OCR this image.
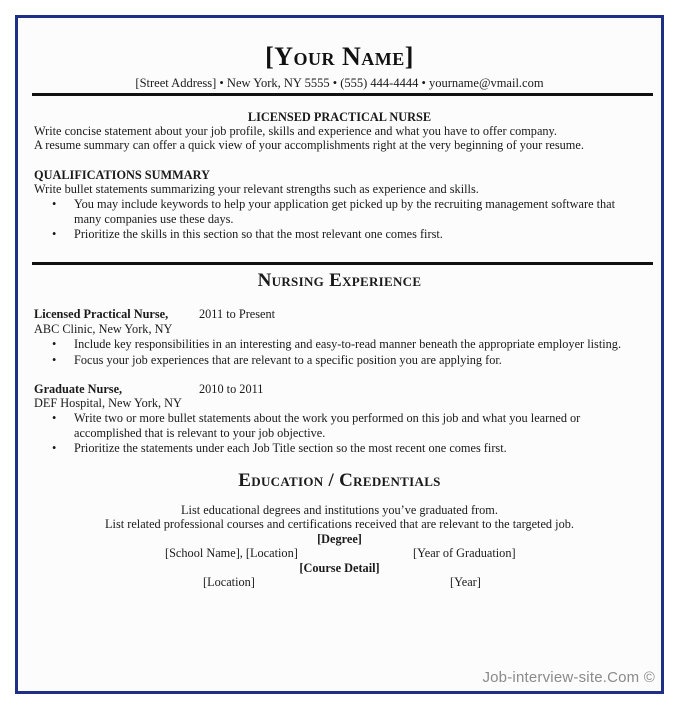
[Your Name]
[Street Address] • New York, NY 5555 • (555) 444-4444 • yourname@vmail.com
LICENSED PRACTICAL NURSE
Write concise statement about your job profile, skills and experience and what you have to offer company.
A resume summary can offer a quick view of your accomplishments right at the very beginning of your resume.
QUALIFICATIONS SUMMARY
Write bullet statements summarizing your relevant strengths such as experience and skills.
• You may include keywords to help your application get picked up by the recruiting management software that many companies use these days.
• Prioritize the skills in this section so that the most relevant one comes first.
Nursing Experience
Licensed Practical Nurse,	2011 to Present
ABC Clinic, New York, NY
• Include key responsibilities in an interesting and easy-to-read manner beneath the appropriate employer listing.
• Focus your job experiences that are relevant to a specific position you are applying for.
Graduate Nurse,	2010 to 2011
DEF Hospital, New York, NY
• Write two or more bullet statements about the work you performed on this job and what you learned or accomplished that is relevant to your job objective.
• Prioritize the statements under each Job Title section so the most recent one comes first.
Education / Credentials
List educational degrees and institutions you’ve graduated from.
List related professional courses and certifications received that are relevant to the targeted job.
[Degree]
[School Name], [Location]	[Year of Graduation]
[Course Detail]
[Location]	[Year]
Job-interview-site.Com ©
